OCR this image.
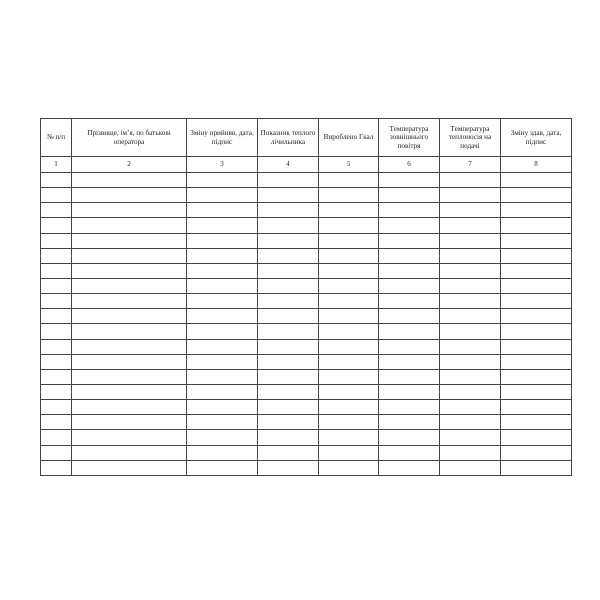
№ п/п	Прізвище, ім’я, по батькові оператора	Зміну прийняв, дата, підпис	Показник теплого лічильника	Вироблено Гкал	Температура зовнішнього повітря	Температура теплоносія на подачі	Зміну здав, дата, підпис
1	2	3	4	5	6	7	8
